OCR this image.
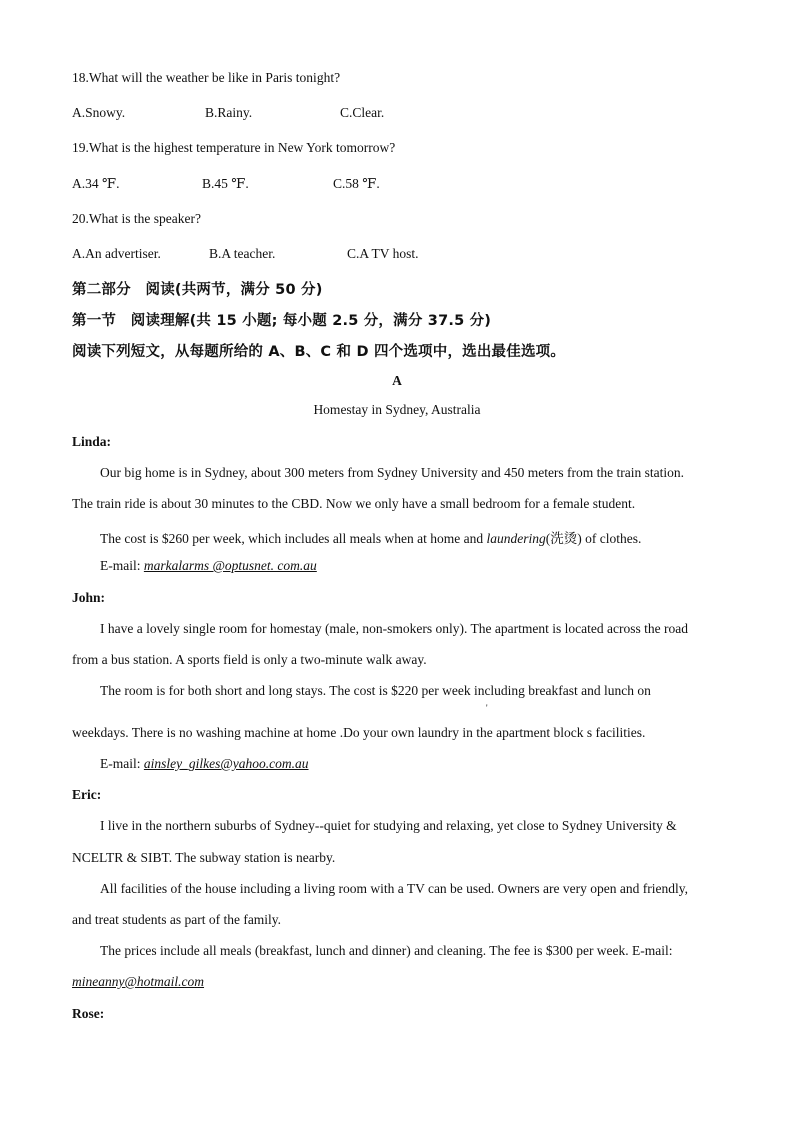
18.What will the weather be like in Paris tonight?
A.Snowy.	B.Rainy.	C.Clear.
19.What is the highest temperature in New York tomorrow?
A.34 ℉.	B.45 ℉.	C.58 ℉.
20.What is the speaker?
A.An advertiser.	B.A teacher.	C.A TV host.
第二部分　阅读(共两节，满分 50 分)
第一节　阅读理解(共 15 小题; 每小题 2.5 分，满分 37.5 分)
阅读下列短文，从每题所给的 A、B、C 和 D 四个选项中，选出最佳选项。
A
Homestay in Sydney, Australia
Linda:
Our big home is in Sydney, about 300 meters from Sydney University and 450 meters from the train station.
The train ride is about 30 minutes to the CBD. Now we only have a small bedroom for a female student.
The cost is $260 per week, which includes all meals when at home and laundering(洗烫) of clothes.
E-mail: markalarms @optusnet. com.au
John:
I have a lovely single room for homestay (male, non-smokers only). The apartment is located across the road
from a bus station. A sports field is only a two-minute walk away.
The room is for both short and long stays. The cost is $220 per week including breakfast and lunch on
'
weekdays. There is no washing machine at home .Do your own laundry in the apartment block s facilities.
E-mail: ainsley_gilkes@yahoo.com.au
Eric:
I live in the northern suburbs of Sydney--quiet for studying and relaxing, yet close to Sydney University &
NCELTR & SIBT. The subway station is nearby.
All facilities of the house including a living room with a TV can be used. Owners are very open and friendly,
and treat students as part of the family.
The prices include all meals (breakfast, lunch and dinner) and cleaning. The fee is $300 per week. E-mail:
mineanny@hotmail.com
Rose:
